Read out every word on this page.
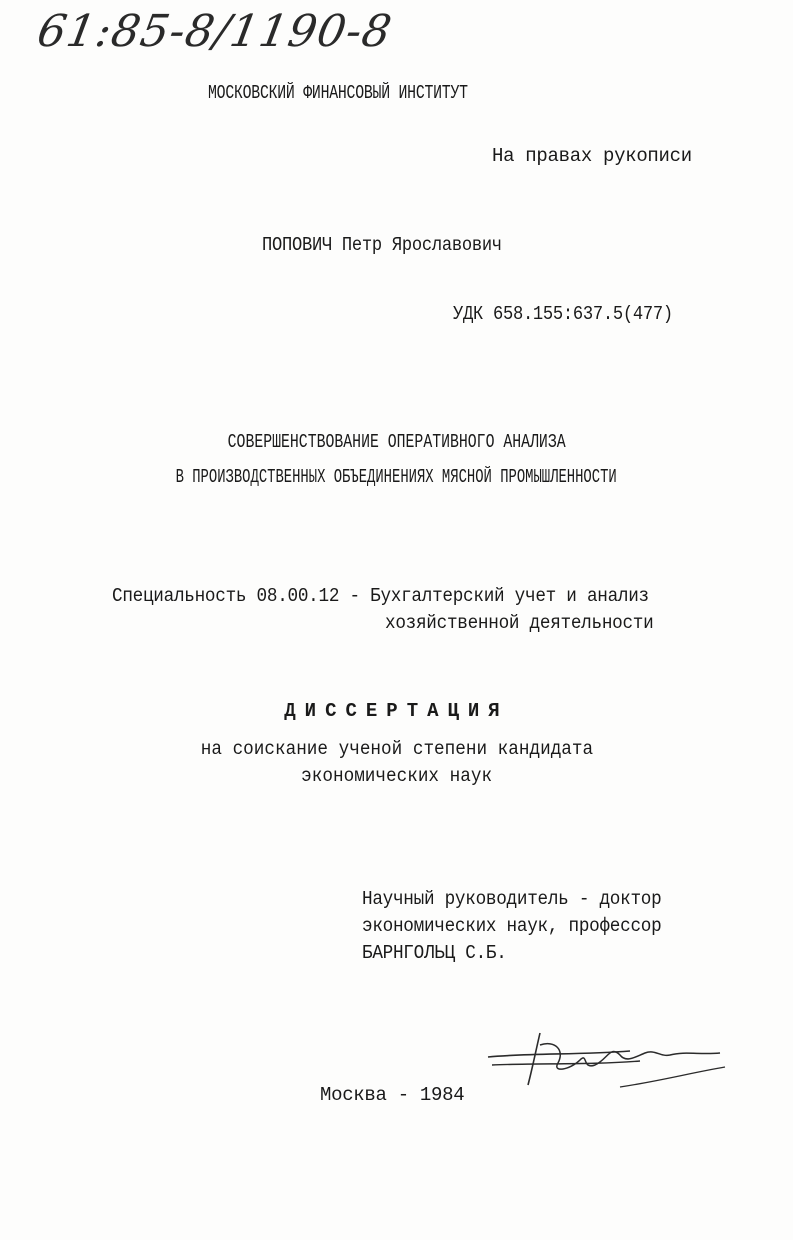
61:85-8/1190-8
МОСКОВСКИЙ ФИНАНСОВЫЙ ИНСТИТУТ
На правах рукописи
ПОПОВИЧ Петр Ярославович
УДК 658.155:637.5(477)
СОВЕРШЕНСТВОВАНИЕ ОПЕРАТИВНОГО АНАЛИЗА
В ПРОИЗВОДСТВЕННЫХ ОБЪЕДИНЕНИЯХ МЯСНОЙ ПРОМЫШЛЕННОСТИ
Специальность 08.00.12 - Бухгалтерский учет и анализ
хозяйственной деятельности
ДИССЕРТАЦИЯ
на соискание ученой степени кандидата
экономических наук
Научный руководитель - доктор
экономических наук, профессор
БАРНГОЛЬЦ С.Б.
Москва - 1984
